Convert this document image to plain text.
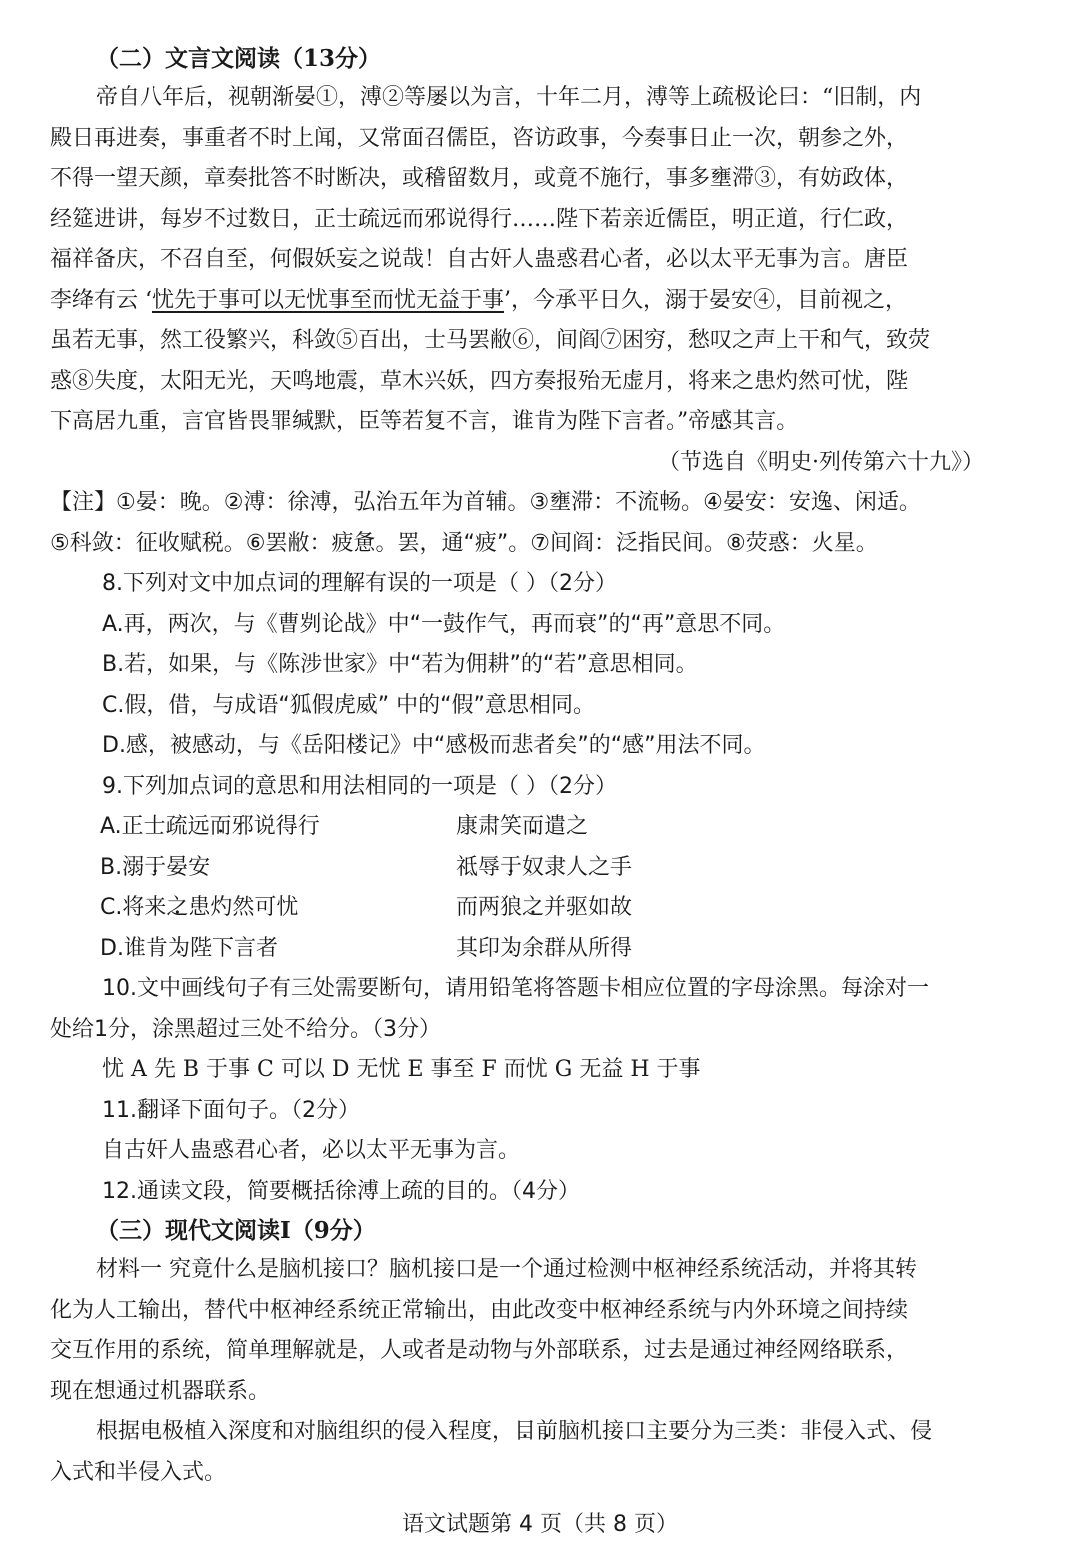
（二）文言文阅读（13分）
帝自八年后，视朝渐晏①，溥②等屡以为言，十年二月，溥等上疏极论曰：“旧制，内
殿日再 •进奏，事重者不时上闻，又常面召儒臣，咨访政事，今奏事日止一次，朝参之外，
不得一望天颜，章奏批答不时断决，或稽留数月，或竟不施行，事多壅滞③，有妨政体，
经筵进讲，每岁不过数日，正士疏远而邪说得行……陛下若 •亲近儒臣，明正道，行仁政，
福祥备庆，不召自至，何假 •妖妄之说哉！自古奸人蛊惑君心者，必以太平无事为言。唐臣
李绛有云 ‘忧先于事可以无忧事至而忧无益于事’，今承平日久，溺于晏安④，目前视之，
虽若无事，然工役繁兴，科敛⑤百出，士马罢敝⑥，间阎⑦困穷，愁叹之声上干和气，致荧
惑⑧失度，太阳无光，天鸣地震，草木兴妖，四方奏报殆无虚月，将来之患灼然可忧，陛
下高居九重，言官皆畏罪缄默，臣等若复不言，谁肯为陛下言者。”帝感 •其言。
（节选自《明史·列传第六十九》）
【注】①晏：晚。②溥：徐溥，弘治五年为首辅。③壅滞：不流畅。④晏安：安逸、闲适。
⑤科敛：征收赋税。⑥罢敝：疲惫。罢，通“疲”。⑦间阎：泛指民间。⑧荧惑：火星。
8.下列对文中加点词的理解有误的一项是（ ）（2分）
A.再，两次，与《曹刿论战》中“一鼓作气，再而衰”的“再”意思不同。
B.若，如果，与《陈涉世家》中“若为佣耕”的“若”意思相同。
C.假，借，与成语“狐假虎威” 中的“假”意思相同。
D.感，被感动，与《岳阳楼记》中“感极而悲者矣”的“感”用法不同。
9.下列加点词的意思和用法相同的一项是（ ）（2分）
A.正士疏远而 •邪说得行	康肃笑而 •遣之
B.溺于 •晏安	祗辱于 •奴隶人之手
C.将来之 •患灼然可忧	而两狼之 •并驱如故
D.谁肯为 •陛下言者	其印为 •余群从所得
10.文中画线句子有三处需要断句，请用铅笔将答题卡相应位置的字母涂黑。每涂对一
处给1分，涂黑超过三处不给分。（3分）
忧 A 先 B 于事 C 可以 D 无忧 E 事至 F 而忧 G 无益 H 于事
11.翻译下面句子。（2分）
自古奸人蛊惑君心者，必以太平无事为言。
12.通读文段，简要概括徐溥上疏的目的。（4分）
（三）现代文阅读Ⅰ（9分）
材料一 究竟什么是脑机接口？脑机接口是一个通过检测中枢神经系统活动，并将其转
化为人工输出，替代中枢神经系统正常输出，由此改变中枢神经系统与内外环境之间持续
交互作用的系统，简单理解就是，人或者是动物与外部联系，过去是通过神经网络联系，
现在想通过机器联系。
根据电极植入深度和对脑组织的侵入程度，目 •前 •脑机接口主 •要 •分为三类：非侵入式、侵
入式和半侵入式。
语文试题第 4 页（共 8 页）
